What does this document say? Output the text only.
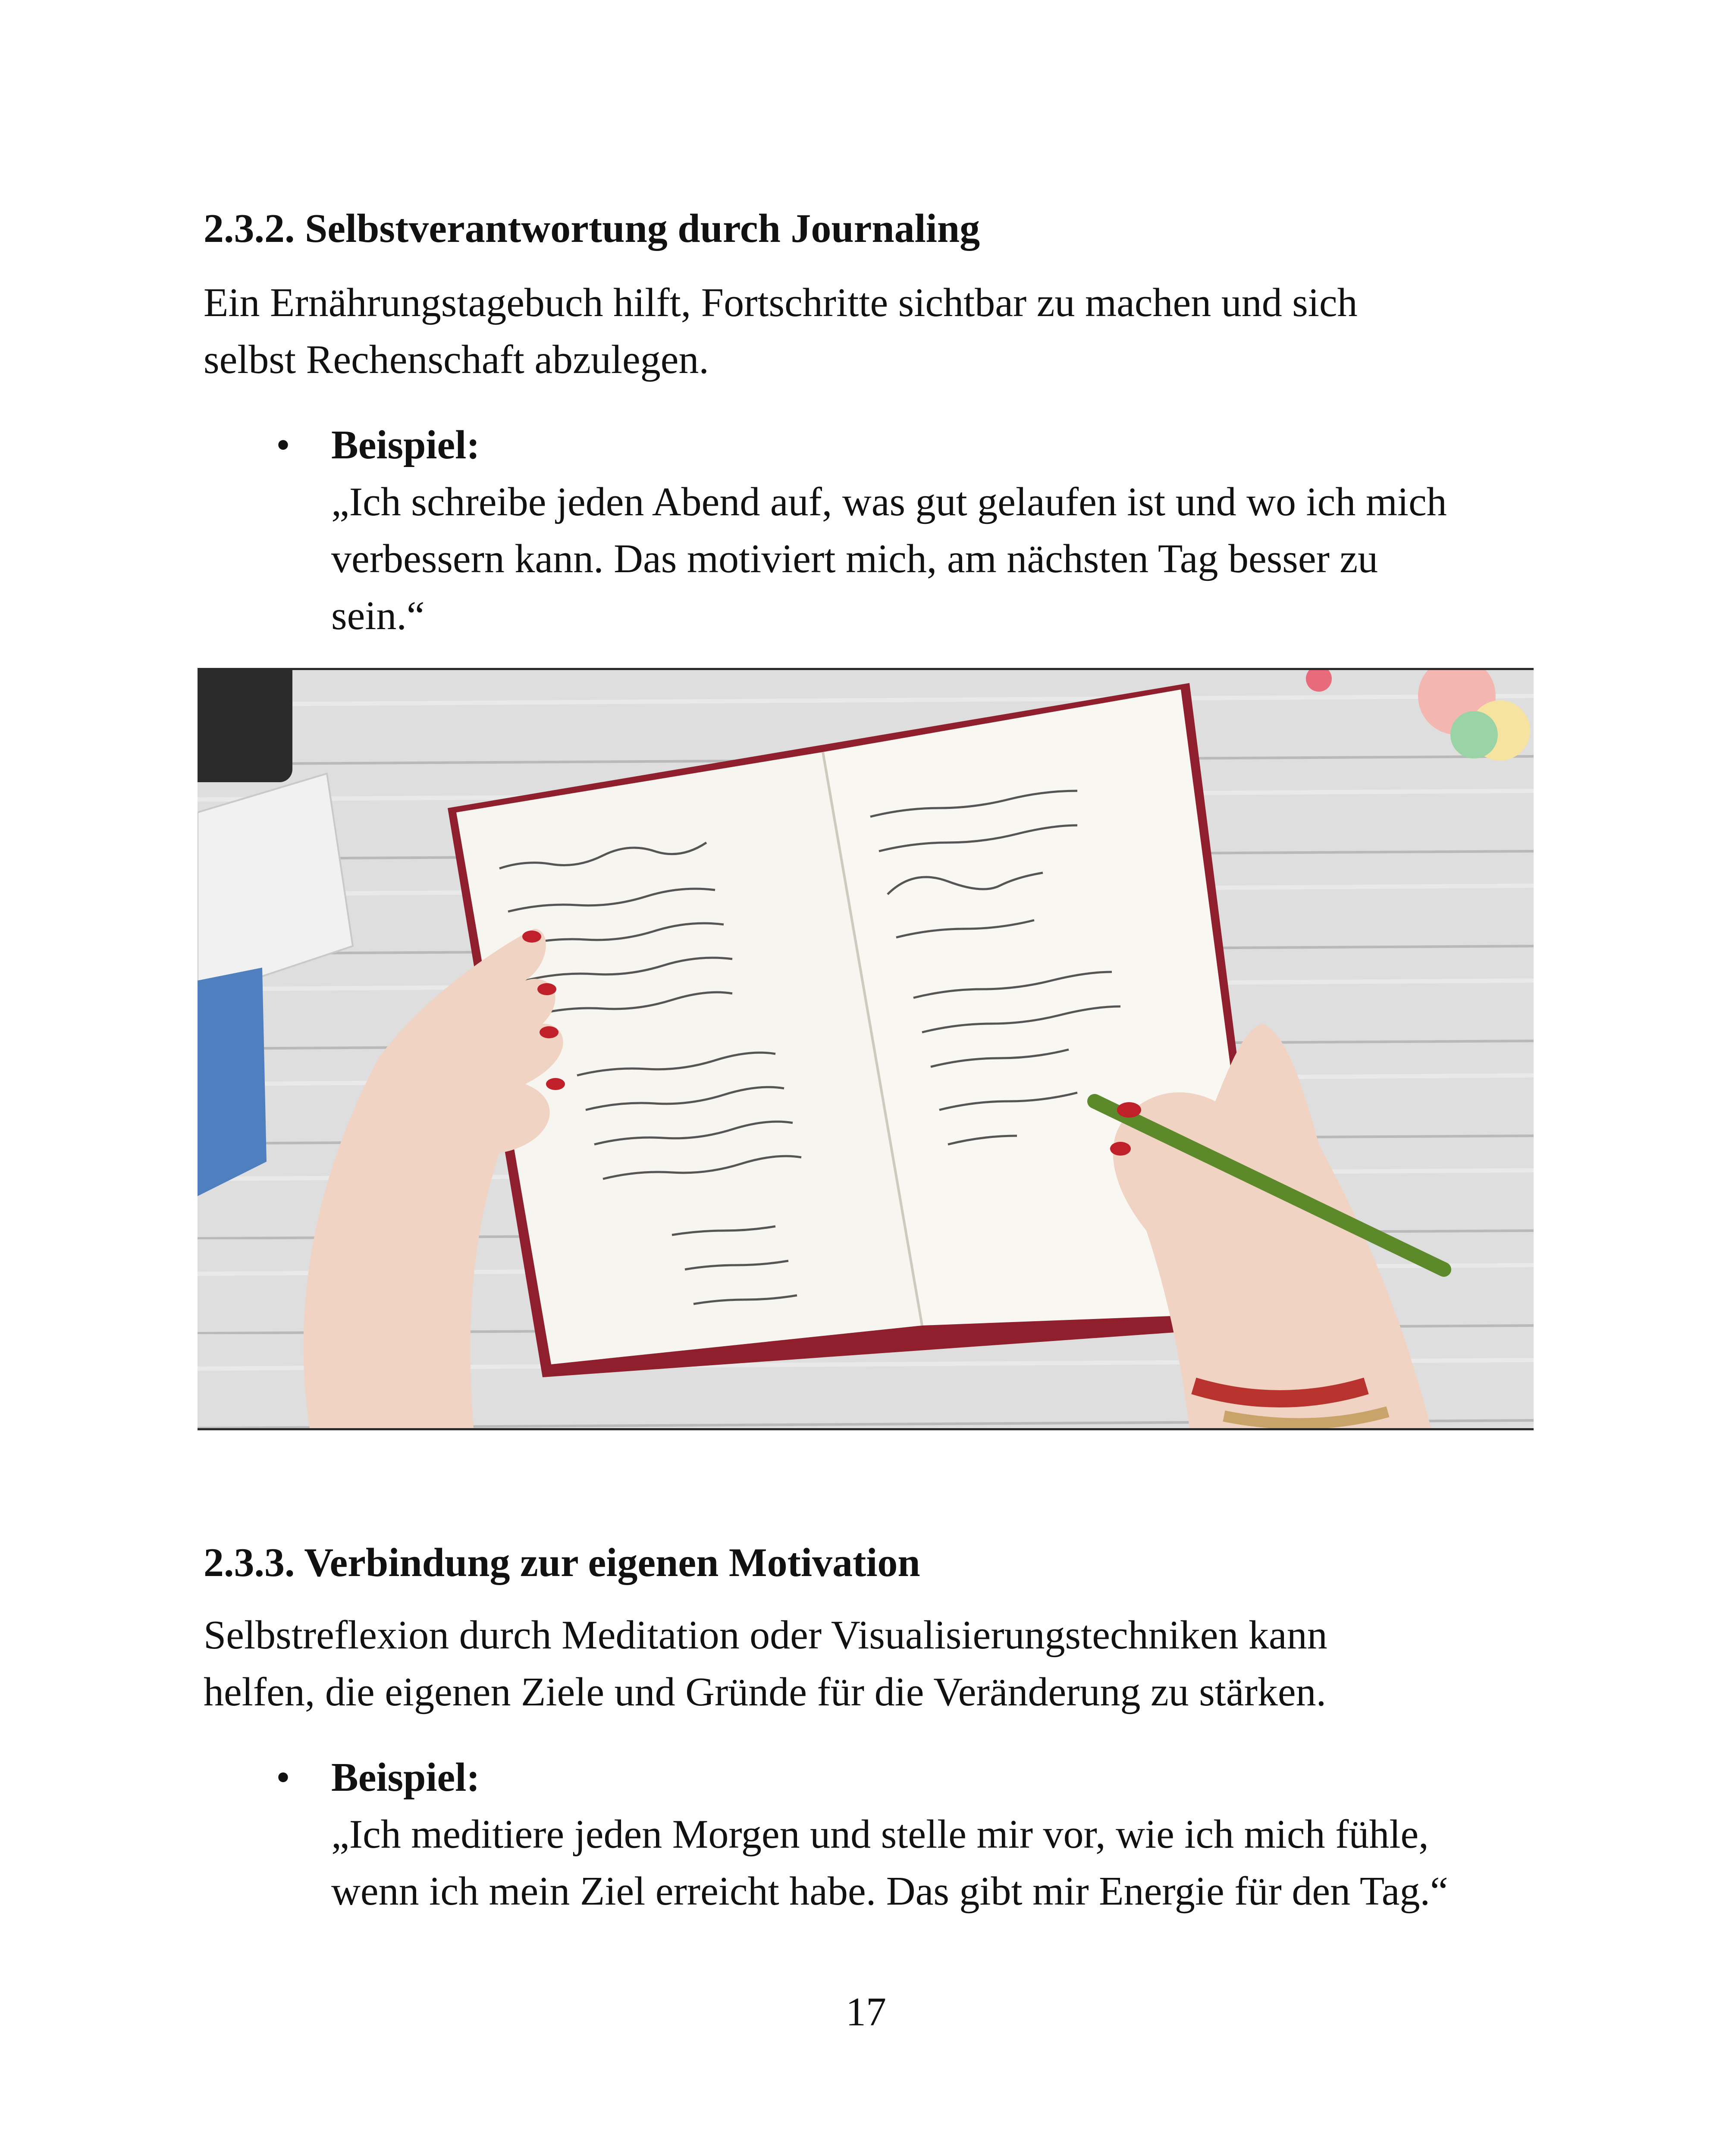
2.3.2. Selbstverantwortung durch Journaling
Ein Ernährungstagebuch hilft, Fortschritte sichtbar zu machen und sich
selbst Rechenschaft abzulegen.
• Beispiel:
„Ich schreibe jeden Abend auf, was gut gelaufen ist und wo ich mich
verbessern kann. Das motiviert mich, am nächsten Tag besser zu
sein.“
2.3.3. Verbindung zur eigenen Motivation
Selbstreflexion durch Meditation oder Visualisierungstechniken kann
helfen, die eigenen Ziele und Gründe für die Veränderung zu stärken.
• Beispiel:
„Ich meditiere jeden Morgen und stelle mir vor, wie ich mich fühle,
wenn ich mein Ziel erreicht habe. Das gibt mir Energie für den Tag.“
17
